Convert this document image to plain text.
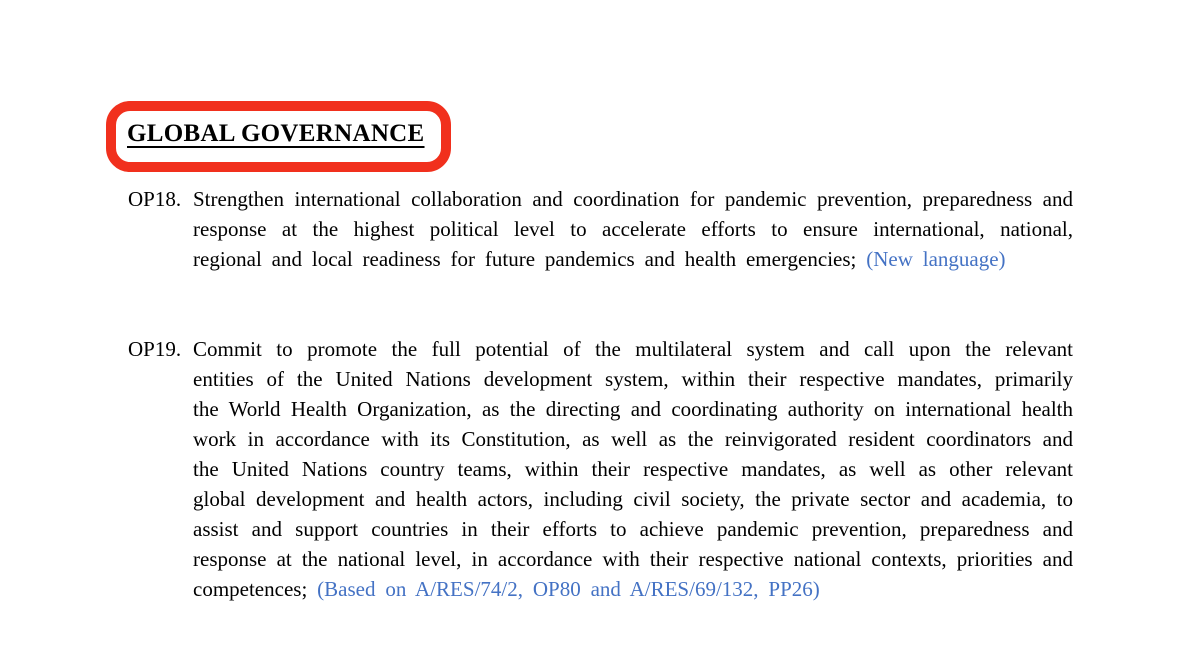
GLOBAL GOVERNANCE
OP18. Strengthen international collaboration and coordination for pandemic prevention, preparedness and response at the highest political level to accelerate efforts to ensure international, national, regional and local readiness for future pandemics and health emergencies; (New language)
OP19. Commit to promote the full potential of the multilateral system and call upon the relevant entities of the United Nations development system, within their respective mandates, primarily the World Health Organization, as the directing and coordinating authority on international health work in accordance with its Constitution, as well as the reinvigorated resident coordinators and the United Nations country teams, within their respective mandates, as well as other relevant global development and health actors, including civil society, the private sector and academia, to assist and support countries in their efforts to achieve pandemic prevention, preparedness and response at the national level, in accordance with their respective national contexts, priorities and competences; (Based on A/RES/74/2, OP80 and A/RES/69/132, PP26)
